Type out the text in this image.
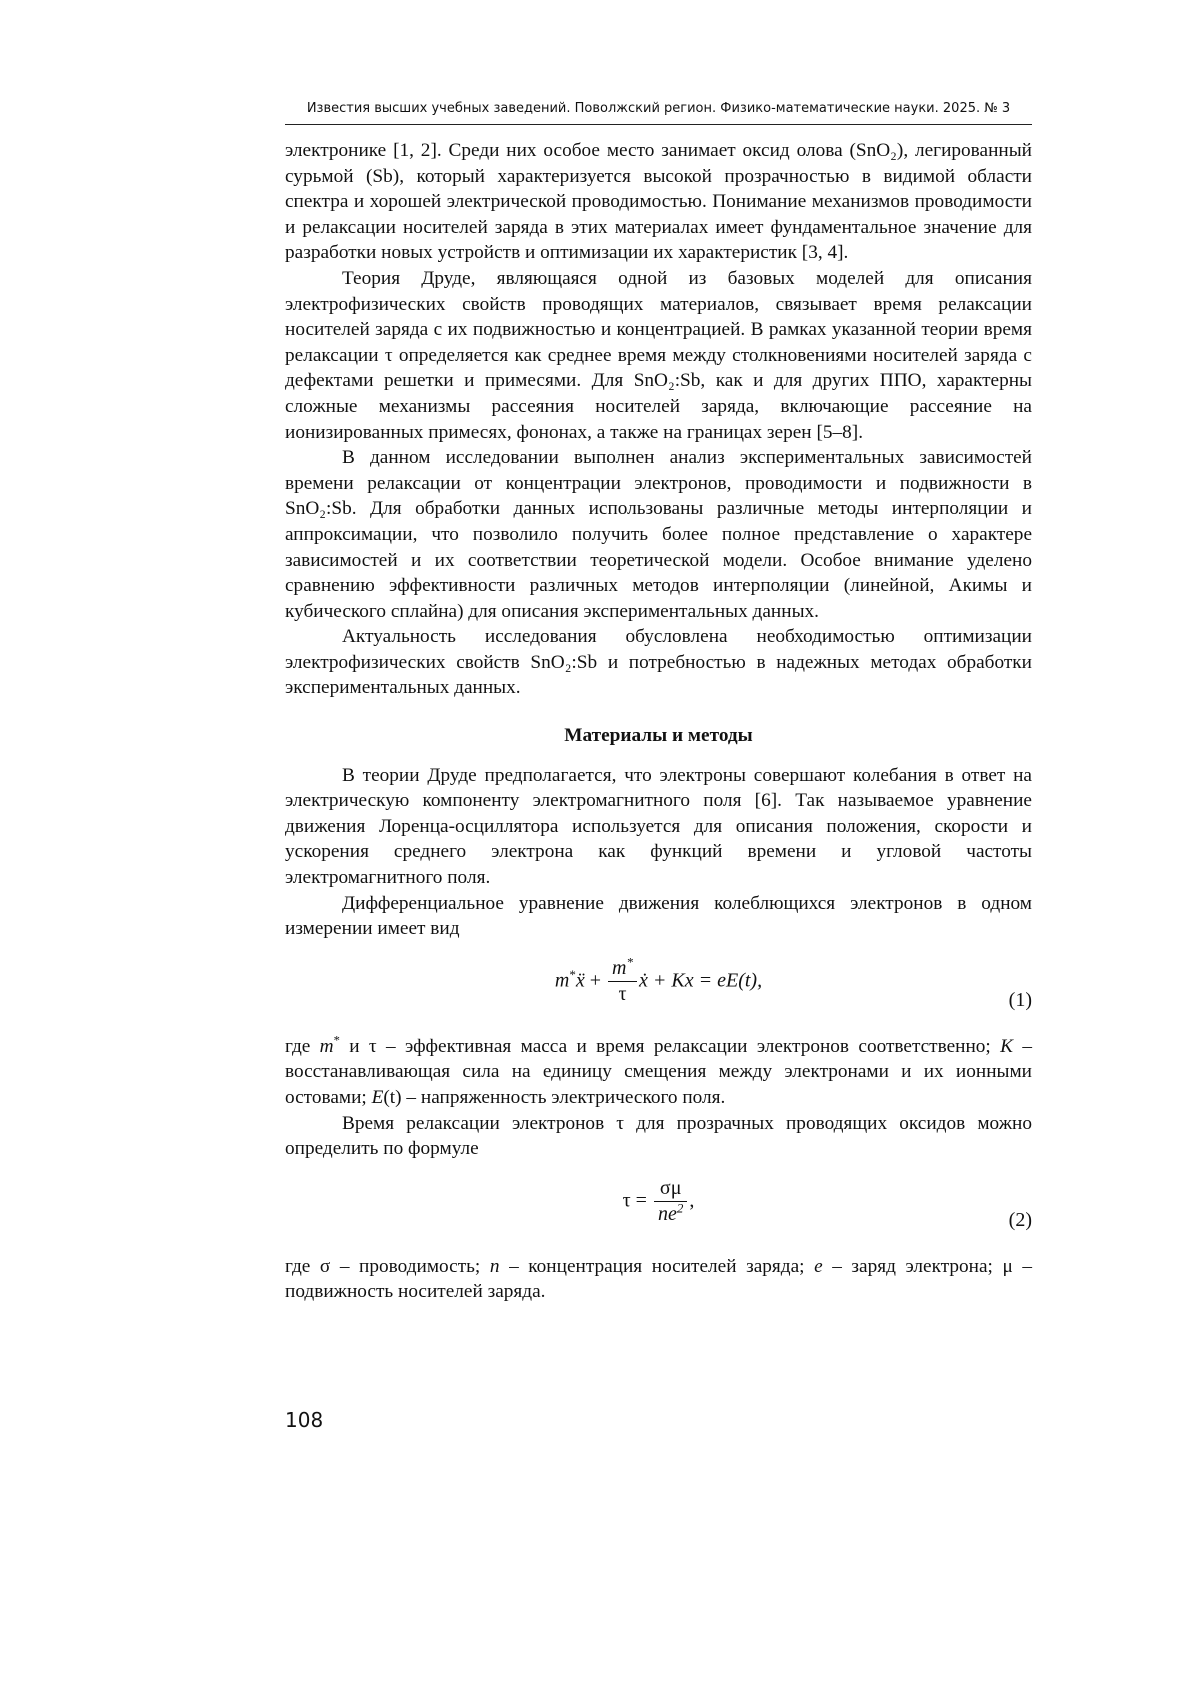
Известия высших учебных заведений. Поволжский регион. Физико-математические науки. 2025. № 3

электронике [1, 2]. Среди них особое место занимает оксид олова (SnO₂), легированный сурьмой (Sb), который характеризуется высокой прозрачностью в видимой области спектра и хорошей электрической проводимостью. Понимание механизмов проводимости и релаксации носителей заряда в этих материалах имеет фундаментальное значение для разработки новых устройств и оптимизации их характеристик [3, 4].

Теория Друде, являющаяся одной из базовых моделей для описания электрофизических свойств проводящих материалов, связывает время релаксации носителей заряда с их подвижностью и концентрацией. В рамках указанной теории время релаксации τ определяется как среднее время между столкновениями носителей заряда с дефектами решетки и примесями. Для SnO₂:Sb, как и для других ППО, характерны сложные механизмы рассеяния носителей заряда, включающие рассеяние на ионизированных примесях, фононах, а также на границах зерен [5–8].

В данном исследовании выполнен анализ экспериментальных зависимостей времени релаксации от концентрации электронов, проводимости и подвижности в SnO₂:Sb. Для обработки данных использованы различные методы интерполяции и аппроксимации, что позволило получить более полное представление о характере зависимостей и их соответствии теоретической модели. Особое внимание уделено сравнению эффективности различных методов интерполяции (линейной, Акимы и кубического сплайна) для описания экспериментальных данных.

Актуальность исследования обусловлена необходимостью оптимизации электрофизических свойств SnO₂:Sb и потребностью в надежных методах обработки экспериментальных данных.

Материалы и методы

В теории Друде предполагается, что электроны совершают колебания в ответ на электрическую компоненту электромагнитного поля [6]. Так называемое уравнение движения Лоренца-осциллятора используется для описания положения, скорости и ускорения среднего электрона как функций времени и угловой частоты электромагнитного поля.

Дифференциальное уравнение движения колеблющихся электронов в одном измерении имеет вид

m*ẍ + $\frac{m^*}{\tau}$ ẋ + Kx = eE(t),
(1)

где m* и τ – эффективная масса и время релаксации электронов соответственно; K – восстанавливающая сила на единицу смещения между электронами и их ионными остовами; E(t) – напряженность электрического поля.

Время релаксации электронов τ для прозрачных проводящих оксидов можно определить по формуле

$\tau = \frac{\sigma\mu}{ne^2}$ ,
(2)

где σ – проводимость; n – концентрация носителей заряда; e – заряд электрона; μ – подвижность носителей заряда.

108
